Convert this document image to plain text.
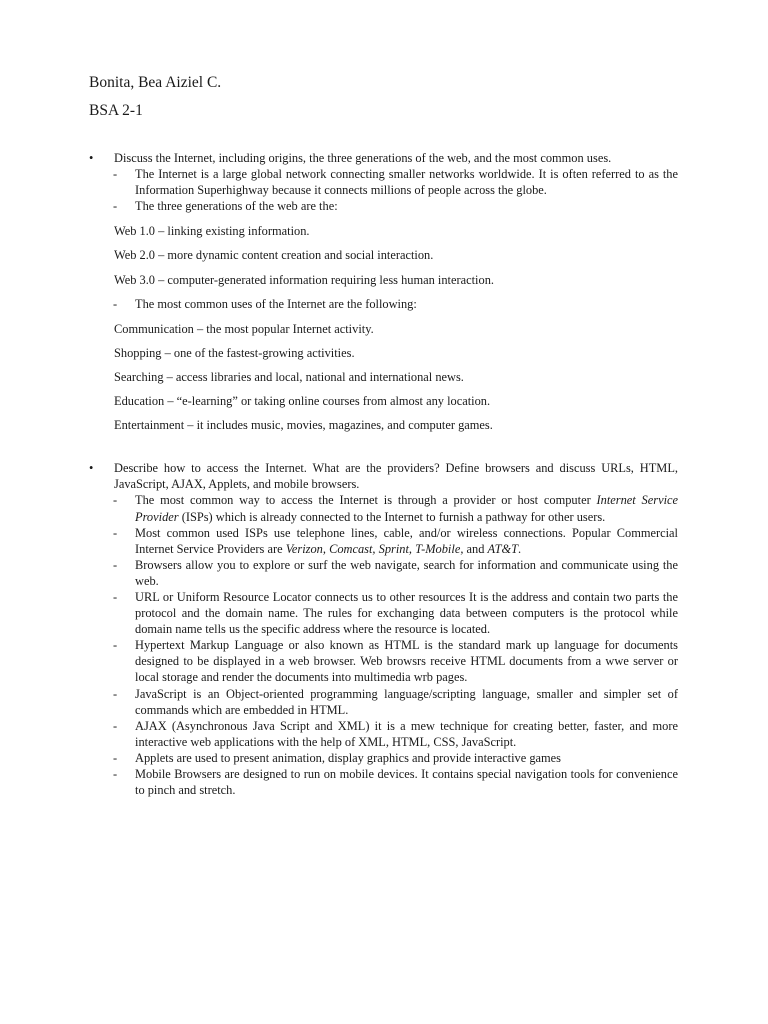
Bonita, Bea Aiziel C.
BSA 2-1
•	Discuss the Internet, including origins, the three generations of the web, and the most common uses.
- The Internet is a large global network connecting smaller networks worldwide. It is often referred to as the Information Superhighway because it connects millions of people across the globe.
- The three generations of the web are the:

Web 1.0 – linking existing information.

Web 2.0 – more dynamic content creation and social interaction.

Web 3.0 – computer-generated information requiring less human interaction.

- The most common uses of the Internet are the following:

Communication – the most popular Internet activity.

Shopping – one of the fastest-growing activities.

Searching – access libraries and local, national and international news.

Education – “e-learning” or taking online courses from almost any location.

Entertainment – it includes music, movies, magazines, and computer games.

•	Describe how to access the Internet. What are the providers? Define browsers and discuss URLs, HTML, JavaScript, AJAX, Applets, and mobile browsers.
- The most common way to access the Internet is through a provider or host computer Internet Service Provider (ISPs) which is already connected to the Internet to furnish a pathway for other users.
- Most common used ISPs use telephone lines, cable, and/or wireless connections. Popular Commercial Internet Service Providers are Verizon, Comcast, Sprint, T-Mobile, and AT&T.
- Browsers allow you to explore or surf the web navigate, search for information and communicate using the web.
- URL or Uniform Resource Locator connects us to other resources It is the address and contain two parts the protocol and the domain name. The rules for exchanging data between computers is the protocol while domain name tells us the specific address where the resource is located.
- Hypertext Markup Language or also known as HTML is the standard mark up language for documents designed to be displayed in a web browser. Web browsrs receive HTML documents from a wwe server or local storage and render the documents into multimedia wrb pages.
- JavaScript is an Object-oriented programming language/scripting language, smaller and simpler set of commands which are embedded in HTML.
- AJAX (Asynchronous Java Script and XML) it is a mew technique for creating better, faster, and more interactive web applications with the help of XML, HTML, CSS, JavaScript.
- Applets are used to present animation, display graphics and provide interactive games
- Mobile Browsers are designed to run on mobile devices. It contains special navigation tools for convenience to pinch and stretch.
